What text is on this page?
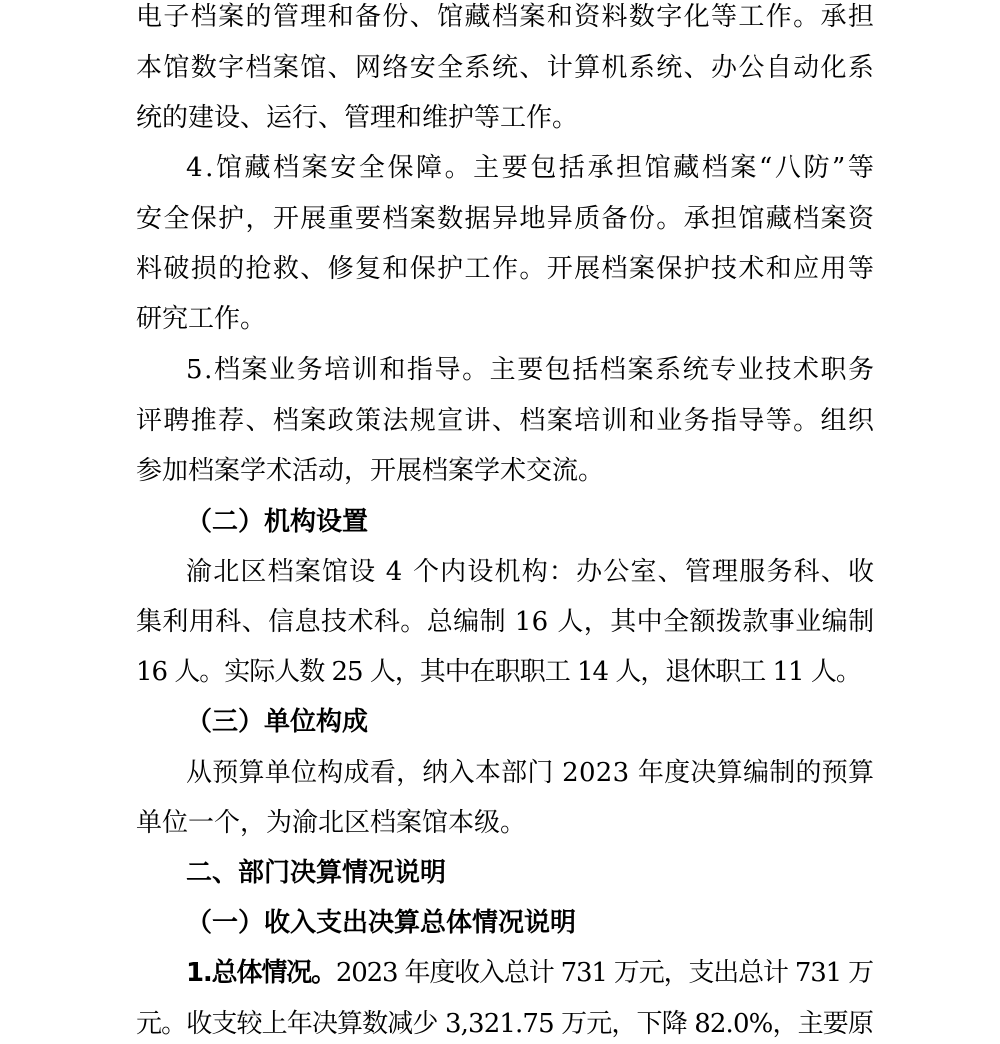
电子档案的管理和备份、馆藏档案和资料数字化等工作。承担

本馆数字档案馆、网络安全系统、计算机系统、办公自动化系

统的建设、运行、管理和维护等工作。

4.馆藏档案安全保障。主要包括承担馆藏档案“八防”等

安全保护，开展重要档案数据异地异质备份。承担馆藏档案资

料破损的抢救、修复和保护工作。开展档案保护技术和应用等

研究工作。

5.档案业务培训和指导。主要包括档案系统专业技术职务

评聘推荐、档案政策法规宣讲、档案培训和业务指导等。组织

参加档案学术活动，开展档案学术交流。

（二）机构设置

渝北区档案馆设 4 个内设机构：办公室、管理服务科、收

集利用科、信息技术科。总编制 16 人，其中全额拨款事业编制

16 人。实际人数 25 人，其中在职职工 14 人，退休职工 11 人。

（三）单位构成

从预算单位构成看，纳入本部门 2023 年度决算编制的预算

单位一个，为渝北区档案馆本级。

二、部门决算情况说明

（一）收入支出决算总体情况说明

1.总体情况。2023 年度收入总计 731 万元，支出总计 731 万

元。收支较上年决算数减少 3,321.75 万元，下降 82.0%，主要原
